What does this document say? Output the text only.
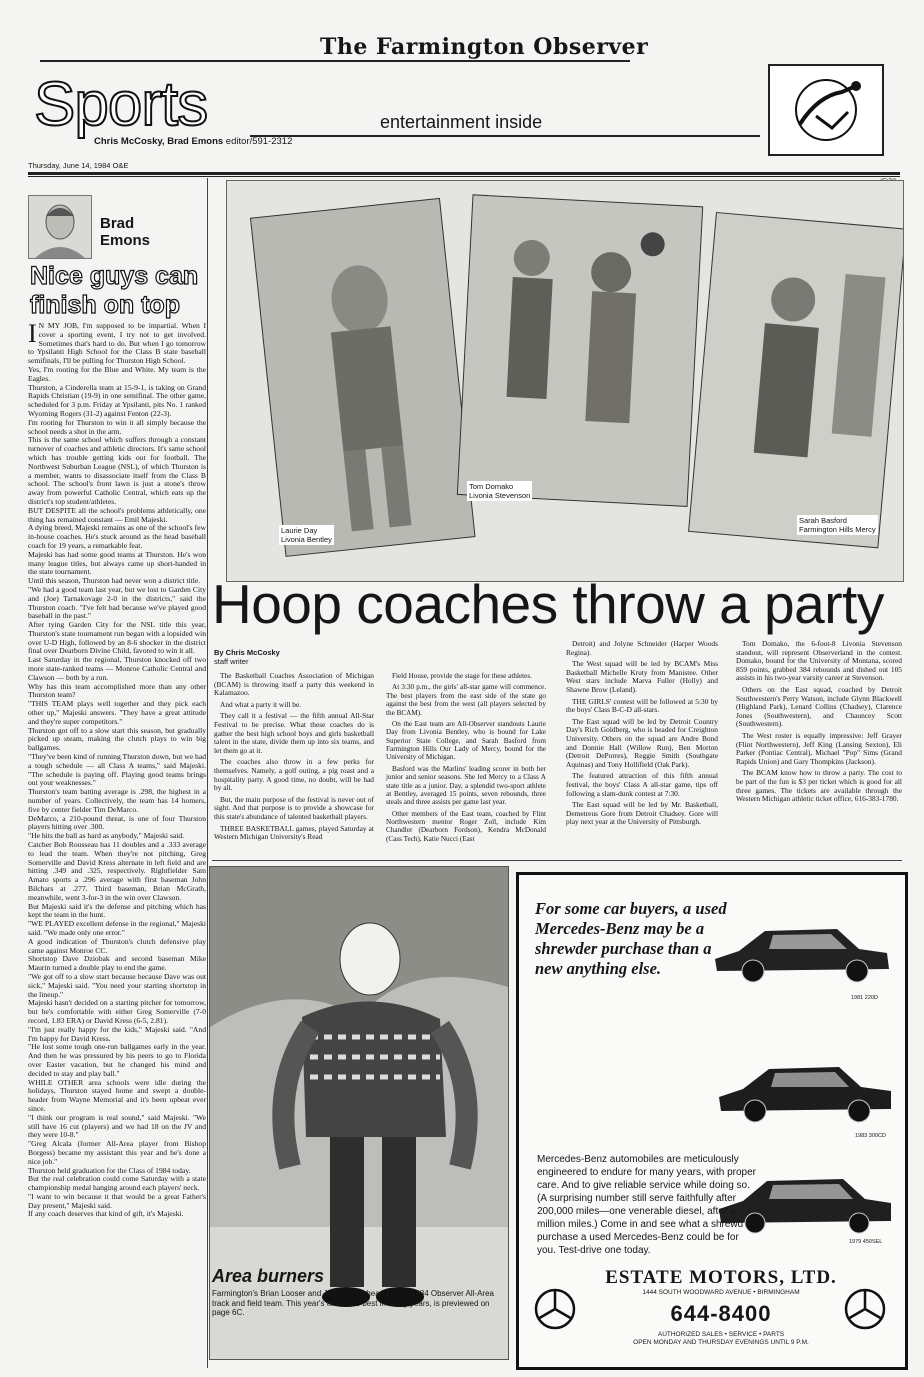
The Farmington Observer
Sports
Chris McCosky, Brad Emons editor/591-2312
entertainment inside
Thursday, June 14, 1984 O&E
Brad
Emons
Nice guys can finish on top

I N MY JOB, I'm supposed to be impartial. When I cover a sporting event, I try not to get involved. Sometimes that's hard to do. But when I go tomorrow to Ypsilanti High School for the Class B state baseball semifinals, I'll be pulling for Thurston High School.

Yes, I'm rooting for the Blue and White. My team is the Eagles.

Thurston, a Cinderella team at 15-9-1, is taking on Grand Rapids Christian (19-9) in one semifinal. The other game, scheduled for 3 p.m. Friday at Ypsilanti, pits No. 1 ranked Wyoming Rogers (31-2) against Fenton (22-3).

I'm rooting for Thurston to win it all simply because the school needs a shot in the arm.

This is the same school which suffers through a constant turnover of coaches and athletic directors. It's same school which has trouble getting kids out for football. The Northwest Suburban League (NSL), of which Thurston is a member, wants to disassociate itself from the Class B school. The school's front lawn is just a stone's throw away from powerful Catholic Central, which eats up the district's top student/athletes.

BUT DESPITE all the school's problems athletically, one thing has remained constant — Emil Majeski.

A dying breed, Majeski remains as one of the school's few in-house coaches. He's stuck around as the head baseball coach for 19 years, a remarkable feat.

Majeski has had some good teams at Thurston. He's won many league titles, but always came up short-handed in the state tournament.

Until this season, Thurston had never won a district title.

"We had a good team last year, but we lost to Garden City and (Joe) Tarnakovage 2-0 in the districts," said the Thurston coach. "I've felt bad because we've played good baseball in the past."

After tying Garden City for the NSL title this year, Thurston's state tournament run began with a lopsided win over U-D High, followed by an 8-6 shocker in the district final over Dearborn Divine Child, favored to win it all.

Last Saturday in the regional, Thurston knocked off two more state-ranked teams — Monroe Catholic Central and Clawson — both by a run.

Why has this team accomplished more than any other Thurston team?

"THIS TEAM plays well together and they pick each other up," Majeski answers. "They have a great attitude and they're super competitors."

Thurston got off to a slow start this season, but gradually picked up steam, making the clutch plays to win big ballgames.

"They've been kind of running Thurston down, but we had a tough schedule — all Class A teams," said Majeski. "The schedule is paying off. Playing good teams brings out your weaknesses."

Thurston's team batting average is .298, the highest in a number of years. Collectively, the team has 14 homers, five by center fielder Tim DeMarco.

DeMarco, a 210-pound threat, is one of four Thurston players hitting over .300.

"He hits the ball as hard as anybody," Majeski said.

Catcher Bob Rousseau has 11 doubles and a .333 average to lead the team. When they're not pitching, Greg Somerville and David Kress alternate in left field and are hitting .349 and .325, respectively. Rightfielder Sam Amato sports a .296 average with first baseman John Bilchars at .277. Third baseman, Brian McGrath, meanwhile, went 3-for-3 in the win over Clawson.

But Majeski said it's the defense and pitching which has kept the team in the hunt.

"WE PLAYED excellent defense in the regional," Majeski said. "We made only one error."

A good indication of Thurston's clutch defensive play came against Monroe CC.

Shortstop Dave Dziobak and second baseman Mike Maurin turned a double play to end the game.

"We got off to a slow start because because Dave was out sick," Majeski said. "You need your starting shortstop in the lineup."

Majeski hasn't decided on a starting pitcher for tomorrow, but he's comfortable with either Greg Somerville (7-0 record, 1.83 ERA) or David Kress (6-5, 2.81).

"I'm just really happy for the kids," Majeski said. "And I'm happy for David Kress.

"He lost some tough one-run ballgames early in the year. And then he was pressured by his peers to go to Florida over Easter vacation, but he changed his mind and decided to stay and play ball."

WHILE OTHER area schools were idle during the holidays, Thurston stayed home and swept a double-header from Wayne Memorial and it's been upbeat ever since.

"I think our program is real sound," said Majeski. "We still have 16 cut (players) and we had 18 on the JV and they were 10-8."

"Greg Alcala (former All-Area player from Bishop Borgess) became my assistant this year and he's done a nice job."

Thurston held graduation for the Class of 1984 today.

But the real celebration could come Saturday with a state championship medal hanging around each players' neck.

"I want to win because it that would be a great Father's Day present," Majeski said.

If any coach deserves that kind of gift, it's Majeski.

Laurie Day
Livonia Bentley
Tom Domako
Livonia Stevenson
Sarah Basford
Farmington Hills Mercy
Hoop coaches throw a party
By Chris McCosky
staff writer

The Basketball Coaches Association of Michigan (BCAM) is throwing itself a party this weekend in Kalamazoo.

And what a party it will be.

They call it a festival — the fifth annual All-Star Festival to be precise. What these coaches do is gather the best high school boys and girls basketball talent in the state, divide them up into six teams, and let them go at it.

The coaches also throw in a few perks for themselves. Namely, a golf outing, a pig roast and a hospitality party. A good time, no doubt, will be had by all.

But, the main purpose of the festival is never out of sight. And that purpose is to provide a showcase for this state's abundance of talented basketball players.

THREE BASKETBALL games, played Saturday at Western Michigan University's Read

Field House, provide the stage for these athletes.

At 3:30 p.m., the girls' all-star game will commence. The best players from the east side of the state go against the best from the west (all players selected by the BCAM).

On the East team are All-Observer standouts Laurie Day from Livonia Bentley, who is bound for Lake Superior State College, and Sarah Basford from Farmington Hills Our Lady of Mercy, bound for the University of Michigan.

Basford was the Marlins' leading scorer in both her junior and senior seasons. She led Mercy to a Class A state title as a junior. Day, a splendid two-sport athlete at Bentley, averaged 15 points, seven rebounds, three steals and three assists per game last year.

Other members of the East team, coached by Flint Northwestern mentor Roger Zoll, include Kim Chandler (Dearborn Fordson), Kendra McDonald (Cass Tech), Katie Nucci (East

Detroit) and Jolyne Schneider (Harper Woods Regina).

The West squad will be led by BCAM's Miss Basketball Michelle Kruty from Manistee. Other West stars include Marva Fuller (Holly) and Shawne Brow (Leland).

THE GIRLS' contest will be followed at 5:30 by the boys' Class B-C-D all-stars.

The East squad will be led by Detroit Country Day's Rich Goldberg, who is headed for Creighton University. Others on the squad are Andre Bond and Donnie Hall (Willow Run), Ben Morton (Detroit DePorres), Reggie Smith (Southgate Aquinas) and Tony Hollifield (Oak Park).

The featured attraction of this fifth annual festival, the boys' Class A all-star game, tips off following a slam-dunk contest at 7:30.

The East squad will be led by Mr. Basketball, Demetreus Gore from Detroit Chadsey. Gore will play next year at the University of Pittsburgh.

Tom Domako, the 6-foot-8 Livonia Stevenson standout, will represent Observerland in the contest. Domako, bound for the University of Montana, scored 859 points, grabbed 384 rebounds and dished out 105 assists in his two-year varsity career at Stevenson.

Others on the East squad, coached by Detroit Southwestern's Perry Watson, include Glynn Blackwell (Highland Park), Lenard Collins (Chadsey), Clarence Jones (Southwestern), and Chauncey Scott (Southwestern).

The West roster is equally impressive: Jeff Grayer (Flint Northwestern), Jeff King (Lansing Sexton), Eli Parker (Pontiac Central), Michael "Pop" Sims (Grand Rapids Union) and Gary Thompkins (Jackson).

The BCAM know how to throw a party. The cost to be part of the fun is $3 per ticket which is good for all three games. The tickets are available through the Western Michigan athletic ticket office, 616-383-1780.

Area burners
Farmington's Brian Looser and Jeff Lawton head up the 1984 Observer All-Area track and field team. This year's team, the best in many years, is previewed on page 6C.
For some car buyers, a used Mercedes-Benz may be a shrewder purchase than a new anything else.
1981 220D
1983 300CD
1979 450SEL
Mercedes-Benz automobiles are meticulously engineered to endure for many years, with proper care. And to give reliable service while doing so. (A surprising number still serve faithfully after 200,000 miles—one venerable diesel, after a million miles.) Come in and see what a shrewd purchase a used Mercedes-Benz could be for you. Test-drive one today.
ESTATE MOTORS, LTD.
1444 SOUTH WOODWARD AVENUE • BIRMINGHAM
644-8400
AUTHORIZED SALES • SERVICE • PARTS
OPEN MONDAY AND THURSDAY EVENINGS UNTIL 9 P.M.
